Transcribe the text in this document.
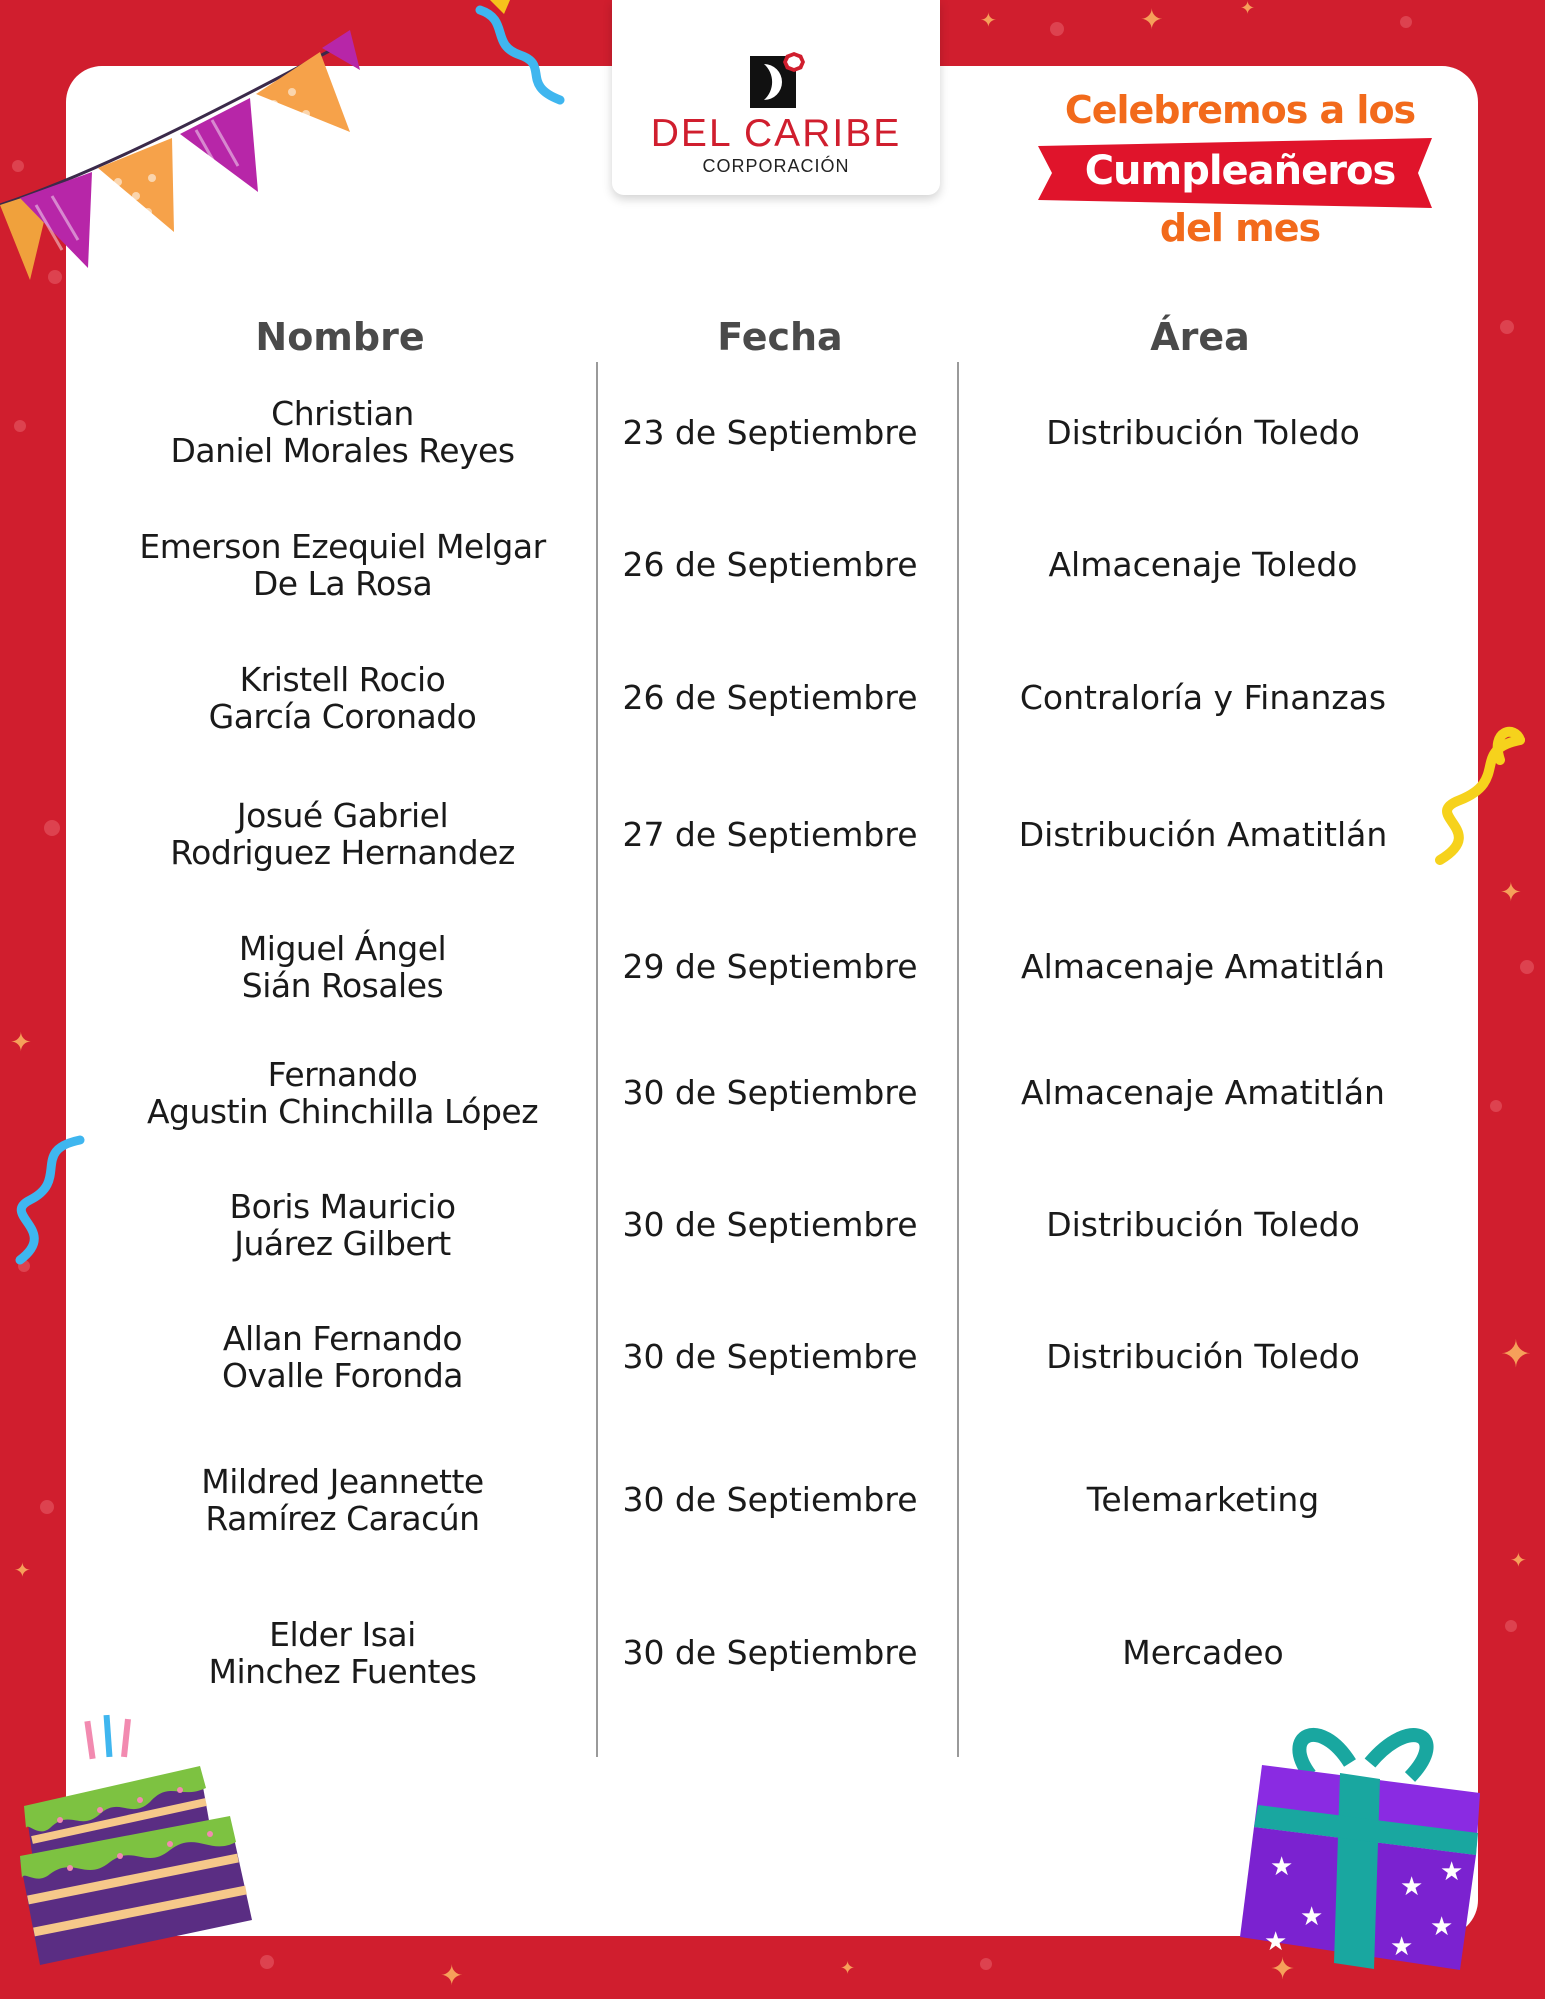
✦	✦
✦
✦
✦
✦
✦
✦
✦	✦
✦
DEL CARIBE
CORPORACIÓN
Celebremos a los
Cumpleañeros
del mes
Nombre	Fecha	Área
Christian
Daniel Morales Reyes	23 de Septiembre	Distribución Toledo
Emerson Ezequiel Melgar
De La Rosa	26 de Septiembre	Almacenaje Toledo
Kristell Rocio
García Coronado	26 de Septiembre	Contraloría y Finanzas
Josué Gabriel
Rodriguez Hernandez	27 de Septiembre	Distribución Amatitlán
Miguel Ángel
Sián Rosales	29 de Septiembre	Almacenaje Amatitlán
Fernando
Agustin Chinchilla López	30 de Septiembre	Almacenaje Amatitlán
Boris Mauricio
Juárez Gilbert	30 de Septiembre	Distribución Toledo
Allan Fernando
Ovalle Foronda	30 de Septiembre	Distribución Toledo
Mildred Jeannette
Ramírez Caracún	30 de Septiembre	Telemarketing
Elder Isai
Minchez Fuentes	30 de Septiembre	Mercadeo
★
★
★
★
★
★
★
